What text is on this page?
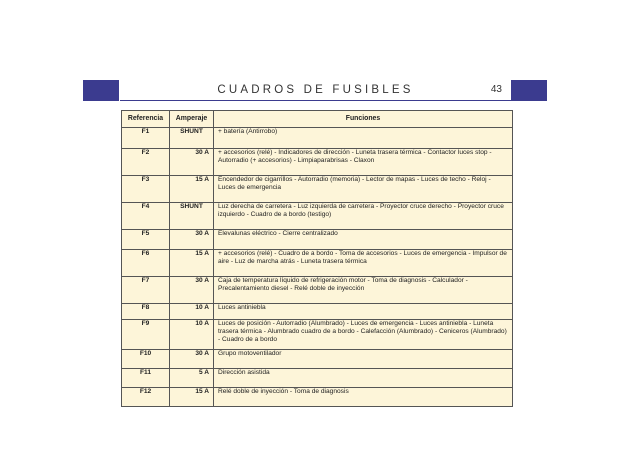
CUADROS DE FUSIBLES	43
Referencia	Amperaje	Funciones
F1	SHUNT	+ batería (Antirrobo)
F2	30 A	+ accesorios (relé) - Indicadores de dirección - Luneta trasera térmica - Contactor luces stop - Autorradio (+ accesorios) - Limpiaparabrisas - Claxon
F3	15 A	Encendedor de cigarrillos - Autorradio (memoria) - Lector de mapas - Luces de techo - Reloj - Luces de emergencia
F4	SHUNT	Luz derecha de carretera - Luz izquierda de carretera - Proyector cruce derecho - Proyector cruce izquierdo - Cuadro de a bordo (testigo)
F5	30 A	Elevalunas eléctrico - Cierre centralizado
F6	15 A	+ accesorios (relé) - Cuadro de a bordo - Toma de accesorios - Luces de emergencia - Impulsor de aire - Luz de marcha atrás - Luneta trasera térmica
F7	30 A	Caja de temperatura líquido de refrigeración motor - Toma de diagnosis - Calculador - Precalentamiento diesel - Relé doble de inyección
F8	10 A	Luces antiniebla
F9	10 A	Luces de posición - Autorradio (Alumbrado) - Luces de emergencia - Luces antiniebla - Luneta trasera térmica - Alumbrado cuadro de a bordo - Calefacción (Alumbrado) - Ceniceros (Alumbrado) - Cuadro de a bordo
F10	30 A	Grupo motoventilador
F11	5 A	Dirección asistida
F12	15 A	Relé doble de inyección - Toma de diagnosis
